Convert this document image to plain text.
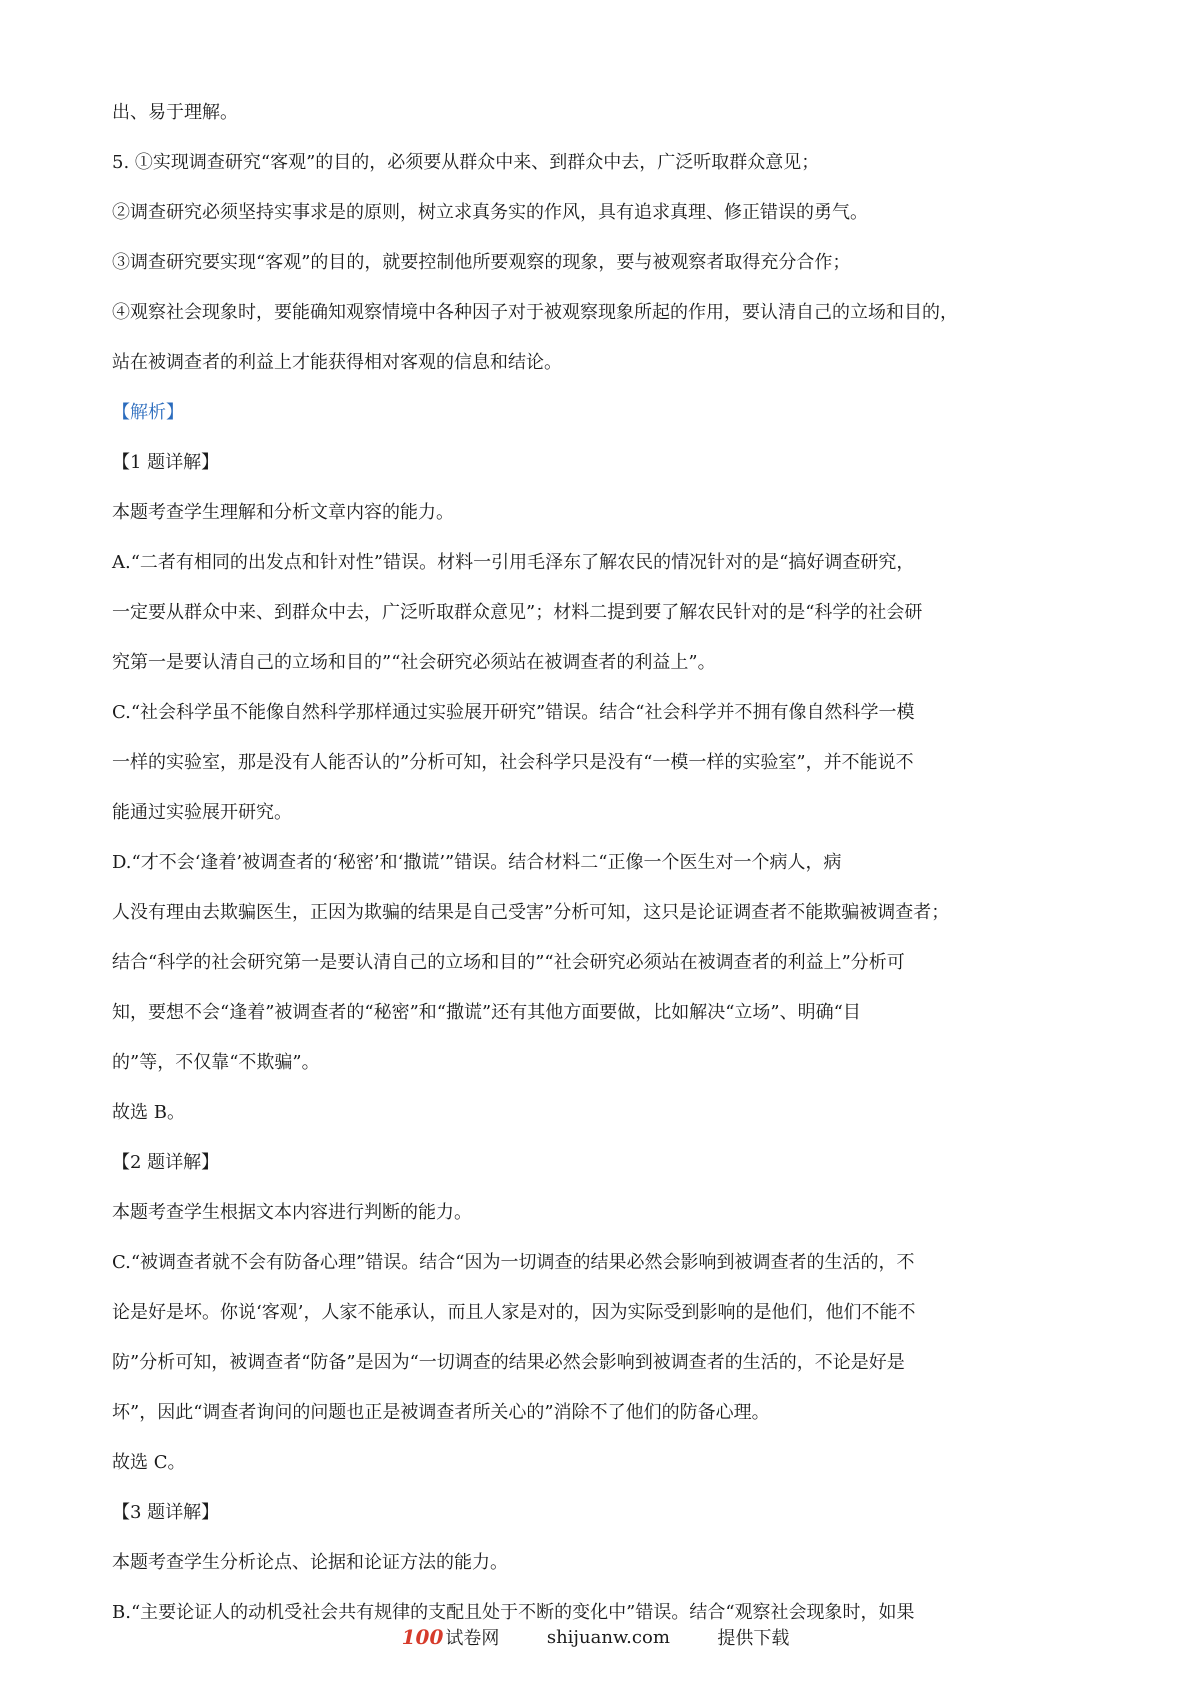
出、易于理解。
5. ①实现调查研究“客观”的目的，必须要从群众中来、到群众中去，广泛听取群众意见；
②调查研究必须坚持实事求是的原则，树立求真务实的作风，具有追求真理、修正错误的勇气。
③调查研究要实现“客观”的目的，就要控制他所要观察的现象，要与被观察者取得充分合作；
④观察社会现象时，要能确知观察情境中各种因子对于被观察现象所起的作用，要认清自己的立场和目的，
站在被调查者的利益上才能获得相对客观的信息和结论。
【解析】
【1 题详解】
本题考查学生理解和分析文章内容的能力。
A.“二者有相同的出发点和针对性”错误。材料一引用毛泽东了解农民的情况针对的是“搞好调查研究，
一定要从群众中来、到群众中去，广泛听取群众意见”；材料二提到要了解农民针对的是“科学的社会研
究第一是要认清自己的立场和目的”“社会研究必须站在被调查者的利益上”。
C.“社会科学虽不能像自然科学那样通过实验展开研究”错误。结合“社会科学并不拥有像自然科学一模
一样的实验室，那是没有人能否认的”分析可知，社会科学只是没有“一模一样的实验室”，并不能说不
能通过实验展开研究。
D.“才不会‘逢着’被调查者的‘秘密’和‘撒谎’”错误。结合材料二“正像一个医生对一个病人，病
人没有理由去欺骗医生，正因为欺骗的结果是自己受害”分析可知，这只是论证调查者不能欺骗被调查者；
结合“科学的社会研究第一是要认清自己的立场和目的”“社会研究必须站在被调查者的利益上”分析可
知，要想不会“逢着”被调查者的“秘密”和“撒谎”还有其他方面要做，比如解决“立场”、明确“目
的”等，不仅靠“不欺骗”。
故选 B。
【2 题详解】
本题考查学生根据文本内容进行判断的能力。
C.“被调查者就不会有防备心理”错误。结合“因为一切调查的结果必然会影响到被调查者的生活的，不
论是好是坏。你说‘客观’，人家不能承认，而且人家是对的，因为实际受到影响的是他们，他们不能不
防”分析可知，被调查者“防备”是因为“一切调查的结果必然会影响到被调查者的生活的，不论是好是
坏”，因此“调查者询问的问题也正是被调查者所关心的”消除不了他们的防备心理。
故选 C。
【3 题详解】
本题考查学生分析论点、论据和论证方法的能力。
B.“主要论证人的动机受社会共有规律的支配且处于不断的变化中”错误。结合“观察社会现象时，如果
100 试卷网	shijuanw.com	提供下载
